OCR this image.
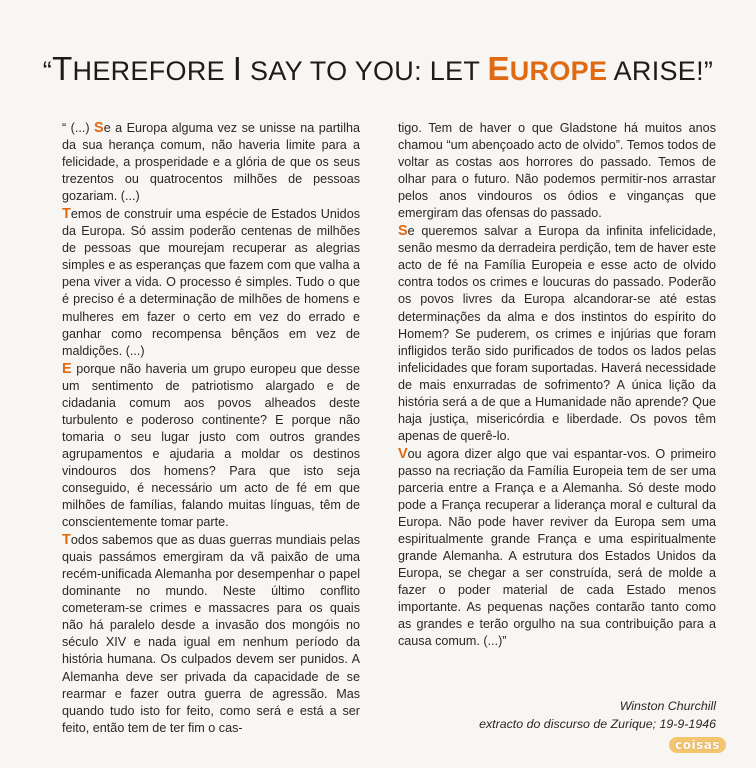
“THEREFORE I SAY TO YOU: LET EUROPE ARISE!”

“ (...) Se a Europa alguma vez se unisse na partilha da sua herança comum, não haveria limite para a felicidade, a prosperidade e a glória de que os seus trezentos ou quatrocentos milhões de pessoas gozariam. (...)

Temos de construir uma espécie de Estados Unidos da Europa. Só assim poderão centenas de milhões de pessoas que mourejam recuperar as alegrias simples e as esperanças que fazem com que valha a pena viver a vida. O processo é simples. Tudo o que é preciso é a determinação de milhões de homens e mulheres em fazer o certo em vez do errado e ganhar como recompensa bênçãos em vez de maldições. (...)

E porque não haveria um grupo europeu que desse um sentimento de patriotismo alargado e de cidadania comum aos povos alheados deste turbulento e poderoso continente? E porque não tomaria o seu lugar justo com outros grandes agrupamentos e ajudaria a moldar os destinos vindouros dos homens? Para que isto seja conseguido, é necessário um acto de fé em que milhões de famílias, falando muitas línguas, têm de conscientemente tomar parte.

Todos sabemos que as duas guerras mundiais pelas quais passámos emergiram da vã paixão de uma recém-unificada Alemanha por desempenhar o papel dominante no mundo. Neste último conflito cometeram-se crimes e massacres para os quais não há paralelo desde a invasão dos mongóis no século XIV e nada igual em nenhum período da história humana. Os culpados devem ser punidos. A Alemanha deve ser privada da capacidade de se rearmar e fazer outra guerra de agressão. Mas quando tudo isto for feito, como será e está a ser feito, então tem de ter fim o cas-

tigo. Tem de haver o que Gladstone há muitos anos chamou “um abençoado acto de olvido”. Temos todos de voltar as costas aos horrores do passado. Temos de olhar para o futuro. Não podemos permitir-nos arrastar pelos anos vindouros os ódios e vinganças que emergiram das ofensas do passado.

Se queremos salvar a Europa da infinita infelicidade, senão mesmo da derradeira perdição, tem de haver este acto de fé na Família Europeia e esse acto de olvido contra todos os crimes e loucuras do passado. Poderão os povos livres da Europa alcandorar-se até estas determinações da alma e dos instintos do espírito do Homem? Se puderem, os crimes e injúrias que foram infligidos terão sido purificados de todos os lados pelas infelicidades que foram suportadas. Haverá necessidade de mais enxurradas de sofrimento? A única lição da história será a de que a Humanidade não aprende? Que haja justiça, misericórdia e liberdade. Os povos têm apenas de querê-lo.

Vou agora dizer algo que vai espantar-vos. O primeiro passo na recriação da Família Europeia tem de ser uma parceria entre a França e a Alemanha. Só deste modo pode a França recuperar a liderança moral e cultural da Europa. Não pode haver reviver da Europa sem uma espiritualmente grande França e uma espiritualmente grande Alemanha. A estrutura dos Estados Unidos da Europa, se chegar a ser construída, será de molde a fazer o poder material de cada Estado menos importante. As pequenas nações contarão tanto como as grandes e terão orgulho na sua contribuição para a causa comum. (...)”

Winston Churchill
extracto do discurso de Zurique; 19-9-1946
coisas
